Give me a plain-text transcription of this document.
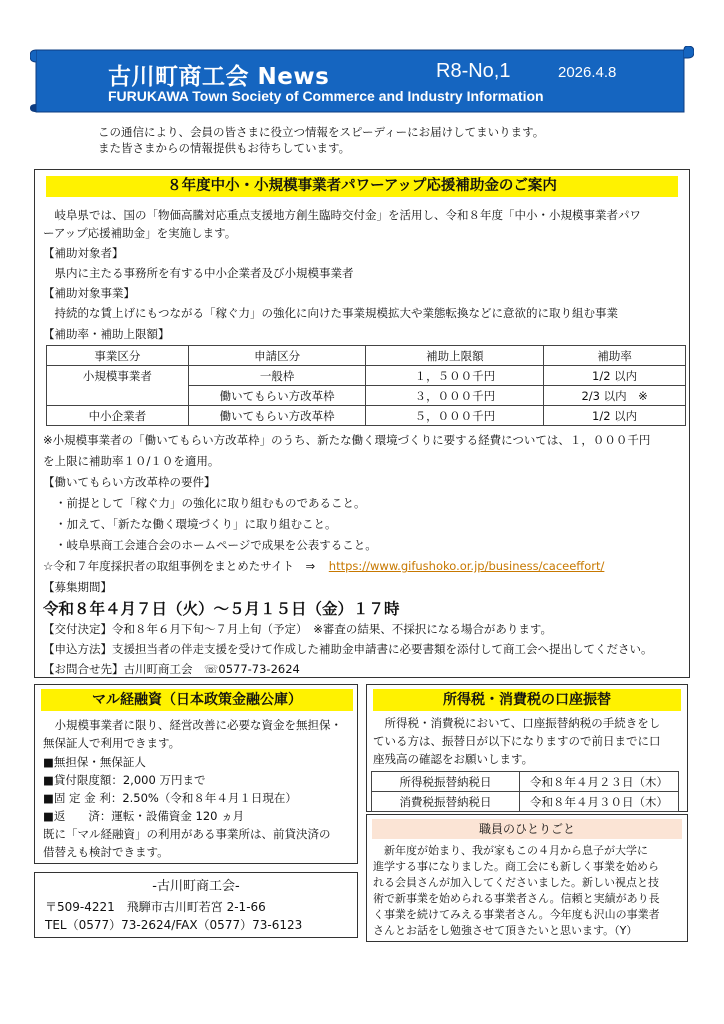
古川町商工会 News	R8-No,1	2026.4.8
FURUKAWA Town Society of Commerce and Industry Information
この通信により、会員の皆さまに役立つ情報をスピーディーにお届けしてまいります。
また皆さまからの情報提供もお待ちしています。
８年度中小・小規模事業者パワーアップ応援補助金のご案内
　岐阜県では、国の「物価高騰対応重点支援地方創生臨時交付金」を活用し、令和８年度「中小・小規模事業者パワ
ーアップ応援補助金」を実施します。
【補助対象者】
　県内に主たる事務所を有する中小企業者及び小規模事業者
【補助対象事業】
　持続的な賃上げにもつながる「稼ぐ力」の強化に向けた事業規模拡大や業態転換などに意欲的に取り組む事業
【補助率・補助上限額】
事業区分	申請区分	補助上限額	補助率
小規模事業者	一般枠	１，５００千円	1/2 以内
	働いてもらい方改革枠	３，０００千円	2/3 以内　※
中小企業者	働いてもらい方改革枠	５，０００千円	1/2 以内
※小規模事業者の「働いてもらい方改革枠」のうち、新たな働く環境づくりに要する経費については、１，０００千円
を上限に補助率１０/１０を適用。
【働いてもらい方改革枠の要件】
・前提として「稼ぐ力」の強化に取り組むものであること。
・加えて、「新たな働く環境づくり」に取り組むこと。
・岐阜県商工会連合会のホームページで成果を公表すること。
☆令和７年度採択者の取組事例をまとめたサイト　⇒ https://www.gifushoko.or.jp/business/caceeffort/
【募集期間】
令和８年４月７日（火）～５月１５日（金）１７時
【交付決定】令和８年６月下旬～７月上旬（予定）　※審査の結果、不採択になる場合があります。
【申込方法】支援担当者の伴走支援を受けて作成した補助金申請書に必要書類を添付して商工会へ提出してください。
【お問合せ先】古川町商工会　☏0577-73-2624
マル経融資（日本政策金融公庫）
　小規模事業者に限り、経営改善に必要な資金を無担保・
無保証人で利用できます。
■無担保・無保証人
■貸付限度額：2,000 万円まで
■固 定 金 利：2.50%（令和８年４月１日現在）
■返　　済：運転・設備資金 120 ヵ月
既に「マル経融資」の利用がある事業所は、前貸決済の
借替えも検討できます。
所得税・消費税の口座振替
　所得税・消費税において、口座振替納税の手続きをし
ている方は、振替日が以下になりますので前日までに口
座残高の確認をお願いします。
所得税振替納税日	令和８年４月２３日（木）
消費税振替納税日	令和８年４月３０日（木）
職員のひとりごと
　新年度が始まり、我が家もこの４月から息子が大学に
進学する事になりました。商工会にも新しく事業を始めら
れる会員さんが加入してくださいました。新しい視点と技
術で新事業を始められる事業者さん。信頼と実績があり長
く事業を続けてみえる事業者さん。今年度も沢山の事業者
さんとお話をし勉強させて頂きたいと思います。（Y）
-古川町商工会-
〒509-4221　飛騨市古川町若宮 2-1-66
TEL（0577）73-2624/FAX（0577）73-6123
